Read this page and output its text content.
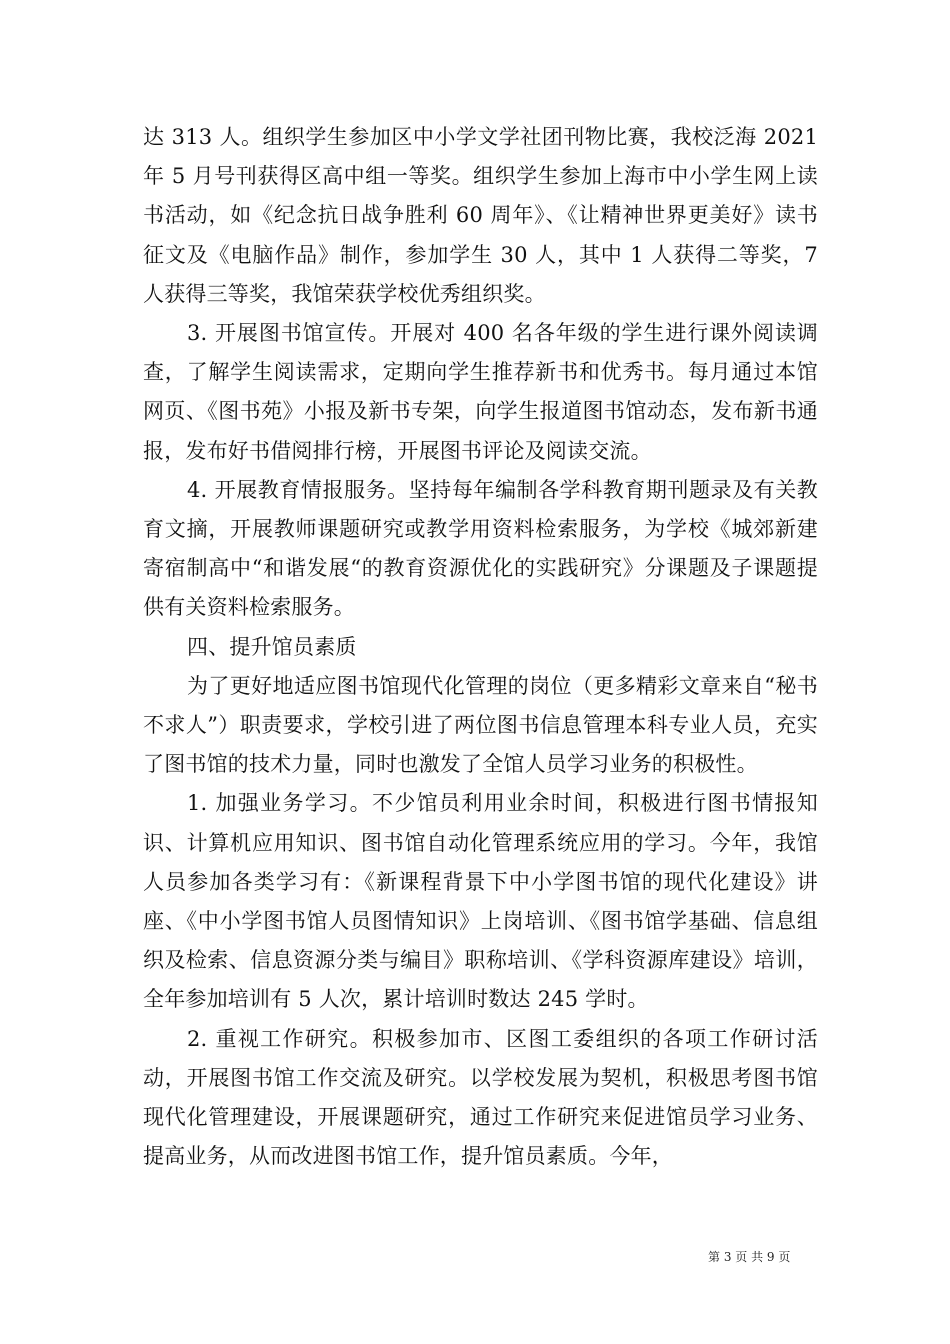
达 313 人。组织学生参加区中小学文学社团刊物比赛，我校泛海 2021 年 5 月号刊获得区高中组一等奖。组织学生参加上海市中小学生网上读书活动，如《纪念抗日战争胜利 60 周年》、《让精神世界更美好》读书征文及《电脑作品》制作，参加学生 30 人，其中 1 人获得二等奖，7 人获得三等奖，我馆荣获学校优秀组织奖。

3. 开展图书馆宣传。开展对 400 名各年级的学生进行课外阅读调查，了解学生阅读需求，定期向学生推荐新书和优秀书。每月通过本馆网页、《图书苑》小报及新书专架，向学生报道图书馆动态，发布新书通报，发布好书借阅排行榜，开展图书评论及阅读交流。

4. 开展教育情报服务。坚持每年编制各学科教育期刊题录及有关教育文摘，开展教师课题研究或教学用资料检索服务，为学校《城郊新建寄宿制高中“和谐发展“的教育资源优化的实践研究》分课题及子课题提供有关资料检索服务。

四、提升馆员素质

为了更好地适应图书馆现代化管理的岗位（更多精彩文章来自“秘书不求人”）职责要求，学校引进了两位图书信息管理本科专业人员，充实了图书馆的技术力量，同时也激发了全馆人员学习业务的积极性。

1. 加强业务学习。不少馆员利用业余时间，积极进行图书情报知识、计算机应用知识、图书馆自动化管理系统应用的学习。今年，我馆人员参加各类学习有：《新课程背景下中小学图书馆的现代化建设》讲座、《中小学图书馆人员图情知识》上岗培训、《图书馆学基础、信息组织及检索、信息资源分类与编目》职称培训、《学科资源库建设》培训，全年参加培训有 5 人次，累计培训时数达 245 学时。

2. 重视工作研究。积极参加市、区图工委组织的各项工作研讨活动，开展图书馆工作交流及研究。以学校发展为契机，积极思考图书馆现代化管理建设，开展课题研究，通过工作研究来促进馆员学习业务、提高业务，从而改进图书馆工作，提升馆员素质。今年，

第 3 页 共 9 页
